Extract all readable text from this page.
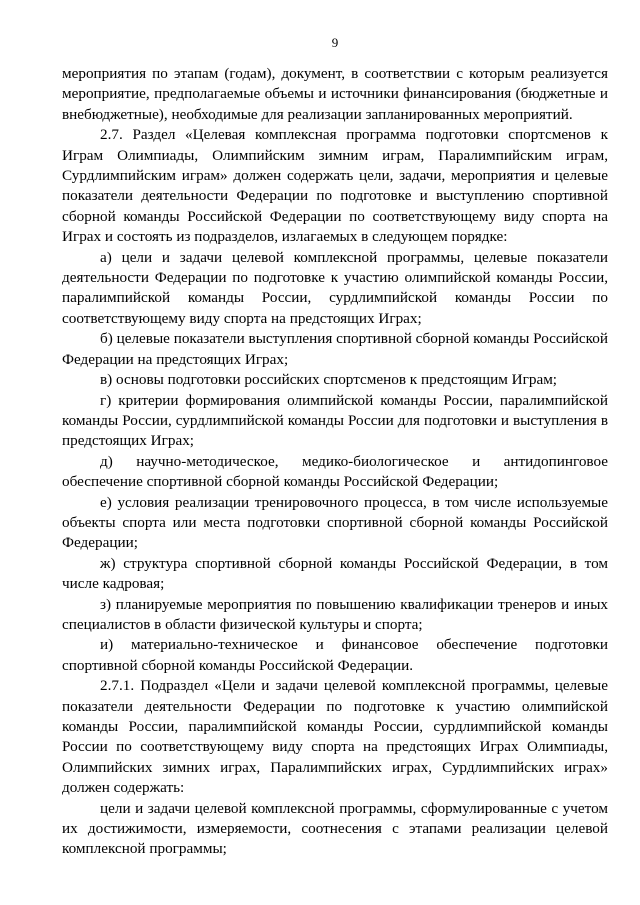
9

мероприятия по этапам (годам), документ, в соответствии с которым реализуется мероприятие, предполагаемые объемы и источники финансирования (бюджетные и внебюджетные), необходимые для реализации запланированных мероприятий.

2.7. Раздел «Целевая комплексная программа подготовки спортсменов к Играм Олимпиады, Олимпийским зимним играм, Паралимпийским играм, Сурдлимпийским играм» должен содержать цели, задачи, мероприятия и целевые показатели деятельности Федерации по подготовке и выступлению спортивной сборной команды Российской Федерации по соответствующему виду спорта на Играх и состоять из подразделов, излагаемых в следующем порядке:

а) цели и задачи целевой комплексной программы, целевые показатели деятельности Федерации по подготовке к участию олимпийской команды России, паралимпийской команды России, сурдлимпийской команды России по соответствующему виду спорта на предстоящих Играх;

б) целевые показатели выступления спортивной сборной команды Российской Федерации на предстоящих Играх;

в) основы подготовки российских спортсменов к предстоящим Играм;

г) критерии формирования олимпийской команды России, паралимпийской команды России, сурдлимпийской команды России для подготовки и выступления в предстоящих Играх;

д) научно-методическое, медико-биологическое и антидопинговое обеспечение спортивной сборной команды Российской Федерации;

е) условия реализации тренировочного процесса, в том числе используемые объекты спорта или места подготовки спортивной сборной команды Российской Федерации;

ж) структура спортивной сборной команды Российской Федерации, в том числе кадровая;

з) планируемые мероприятия по повышению квалификации тренеров и иных специалистов в области физической культуры и спорта;

и) материально-техническое и финансовое обеспечение подготовки спортивной сборной команды Российской Федерации.

2.7.1. Подраздел «Цели и задачи целевой комплексной программы, целевые показатели деятельности Федерации по подготовке к участию олимпийской команды России, паралимпийской команды России, сурдлимпийской команды России по соответствующему виду спорта на предстоящих Играх Олимпиады, Олимпийских зимних играх, Паралимпийских играх, Сурдлимпийских играх» должен содержать:

цели и задачи целевой комплексной программы, сформулированные с учетом их достижимости, измеряемости, соотнесения с этапами реализации целевой комплексной программы;
